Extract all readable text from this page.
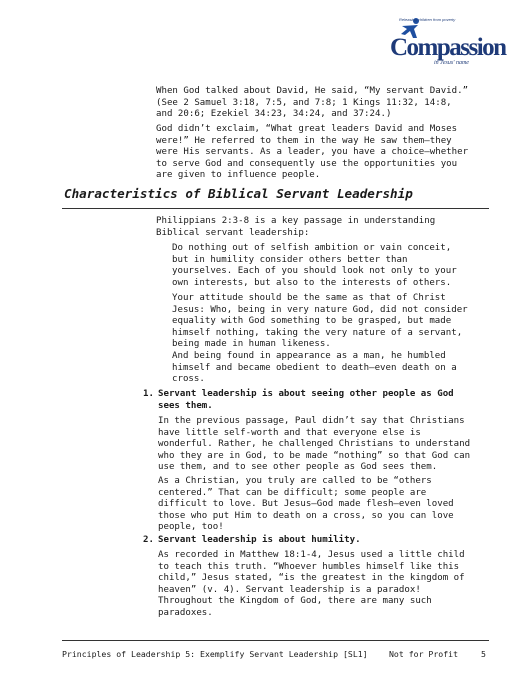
Releasing children from poverty
Compassion
in Jesus' name

When God talked about David, He said, “My servant David.”
(See 2 Samuel 3:18, 7:5, and 7:8; 1 Kings 11:32, 14:8,
and 20:6; Ezekiel 34:23, 34:24, and 37:24.)

God didn’t exclaim, “What great leaders David and Moses
were!” He referred to them in the way He saw them—they
were His servants. As a leader, you have a choice—whether
to serve God and consequently use the opportunities you
are given to influence people.

Characteristics of Biblical Servant Leadership

Philippians 2:3-8 is a key passage in understanding
Biblical servant leadership:

Do nothing out of selfish ambition or vain conceit,
but in humility consider others better than
yourselves. Each of you should look not only to your
own interests, but also to the interests of others.

Your attitude should be the same as that of Christ
Jesus: Who, being in very nature God, did not consider
equality with God something to be grasped, but made
himself nothing, taking the very nature of a servant,
being made in human likeness.

And being found in appearance as a man, he humbled
himself and became obedient to death—even death on a
cross.

1. Servant leadership is about seeing other people as God
sees them.

In the previous passage, Paul didn’t say that Christians
have little self-worth and that everyone else is
wonderful. Rather, he challenged Christians to understand
who they are in God, to be made “nothing” so that God can
use them, and to see other people as God sees them.

As a Christian, you truly are called to be “others
centered.” That can be difficult; some people are
difficult to love. But Jesus—God made flesh—even loved
those who put Him to death on a cross, so you can love
people, too!

2. Servant leadership is about humility.

As recorded in Matthew 18:1-4, Jesus used a little child
to teach this truth. “Whoever humbles himself like this
child,” Jesus stated, “is the greatest in the kingdom of
heaven” (v. 4). Servant leadership is a paradox!
Throughout the Kingdom of God, there are many such
paradoxes.

Principles of Leadership 5: Exemplify Servant Leadership [SL1]	Not for Profit	5
